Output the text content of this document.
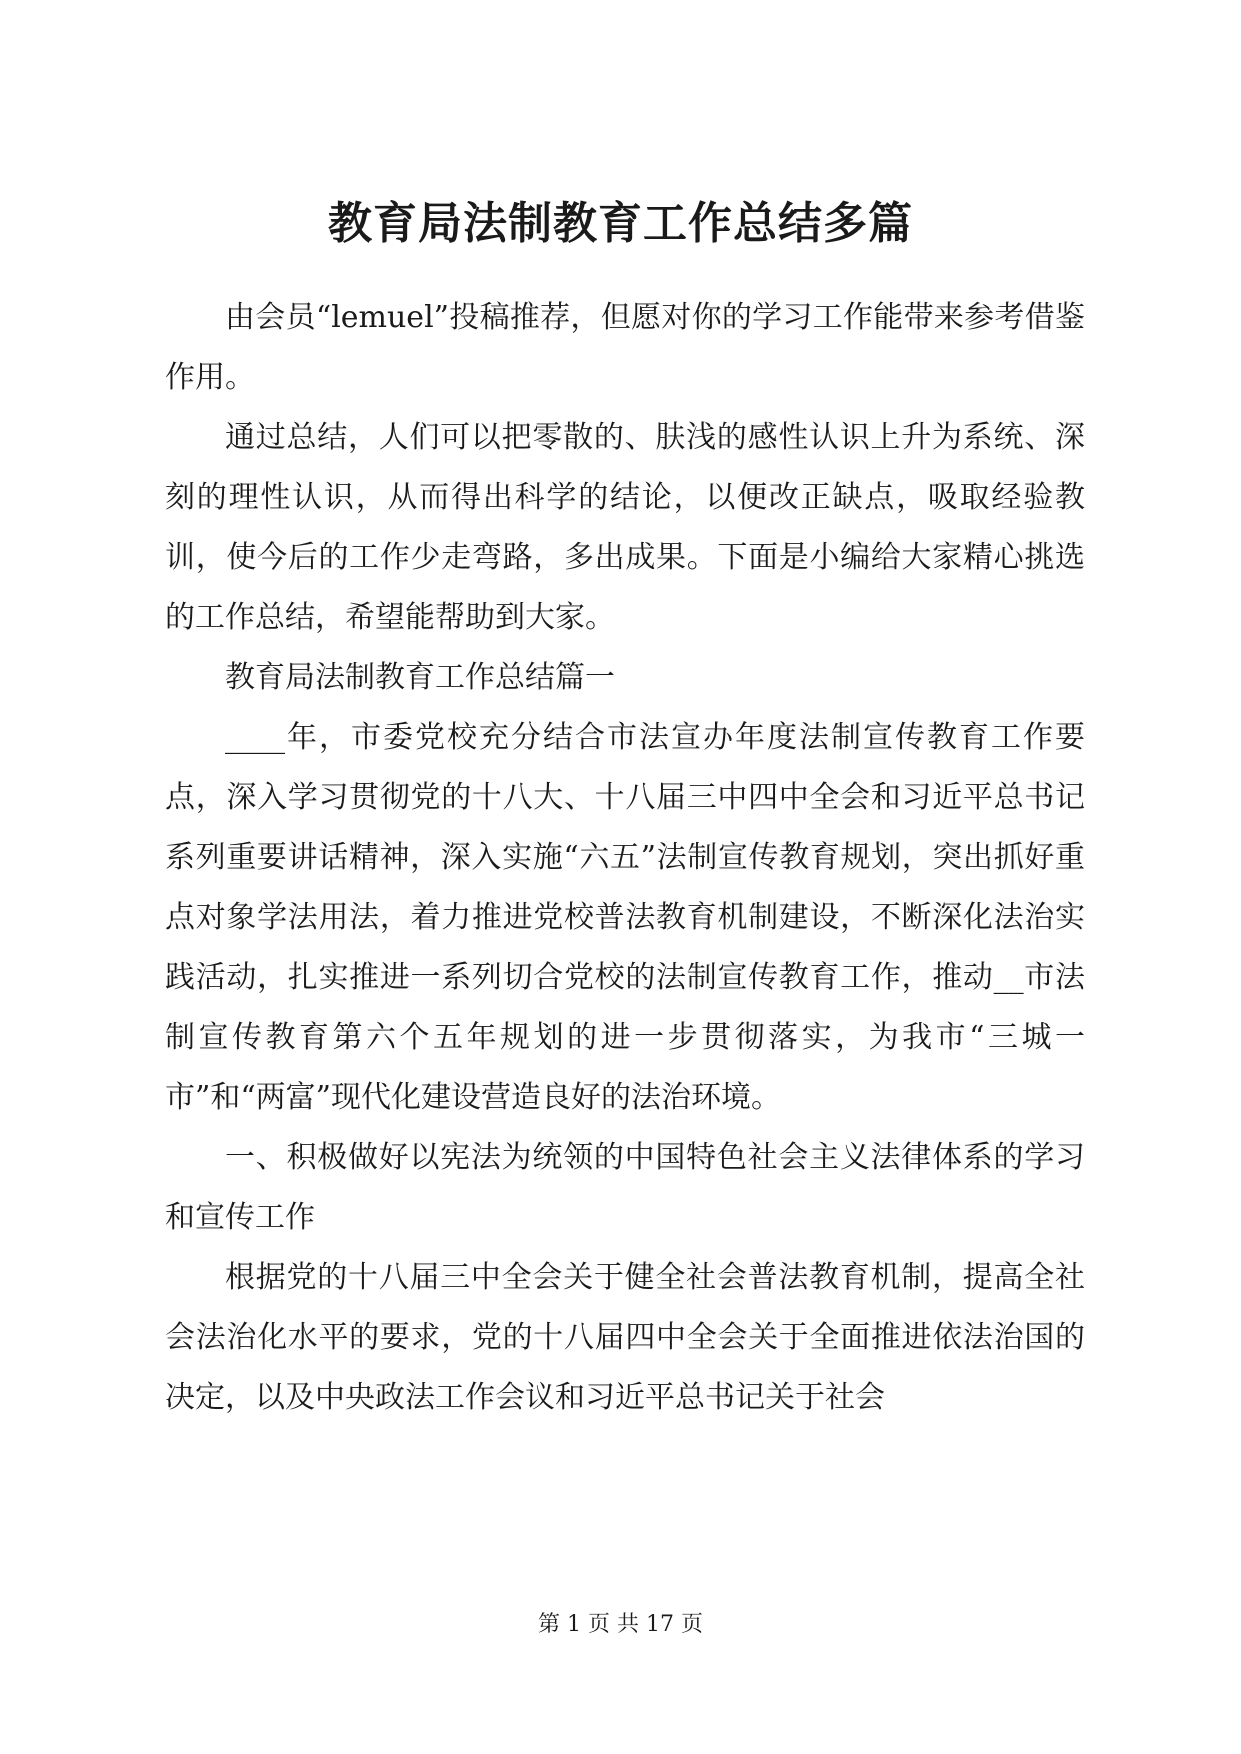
教育局法制教育工作总结多篇

由会员“lemuel”投稿推荐，但愿对你的学习工作能带来参考借鉴作用。

通过总结，人们可以把零散的、肤浅的感性认识上升为系统、深刻的理性认识，从而得出科学的结论，以便改正缺点，吸取经验教训，使今后的工作少走弯路，多出成果。下面是小编给大家精心挑选的工作总结，希望能帮助到大家。

教育局法制教育工作总结篇一

____年，市委党校充分结合市法宣办年度法制宣传教育工作要点，深入学习贯彻党的十八大、十八届三中四中全会和习近平总书记系列重要讲话精神，深入实施“六五”法制宣传教育规划，突出抓好重点对象学法用法，着力推进党校普法教育机制建设，不断深化法治实践活动，扎实推进一系列切合党校的法制宣传教育工作，推动__市法制宣传教育第六个五年规划的进一步贯彻落实，为我市“三城一市”和“两富”现代化建设营造良好的法治环境。

一、积极做好以宪法为统领的中国特色社会主义法律体系的学习和宣传工作

根据党的十八届三中全会关于健全社会普法教育机制，提高全社会法治化水平的要求，党的十八届四中全会关于全面推进依法治国的决定，以及中央政法工作会议和习近平总书记关于社会

第 1 页 共 17 页
